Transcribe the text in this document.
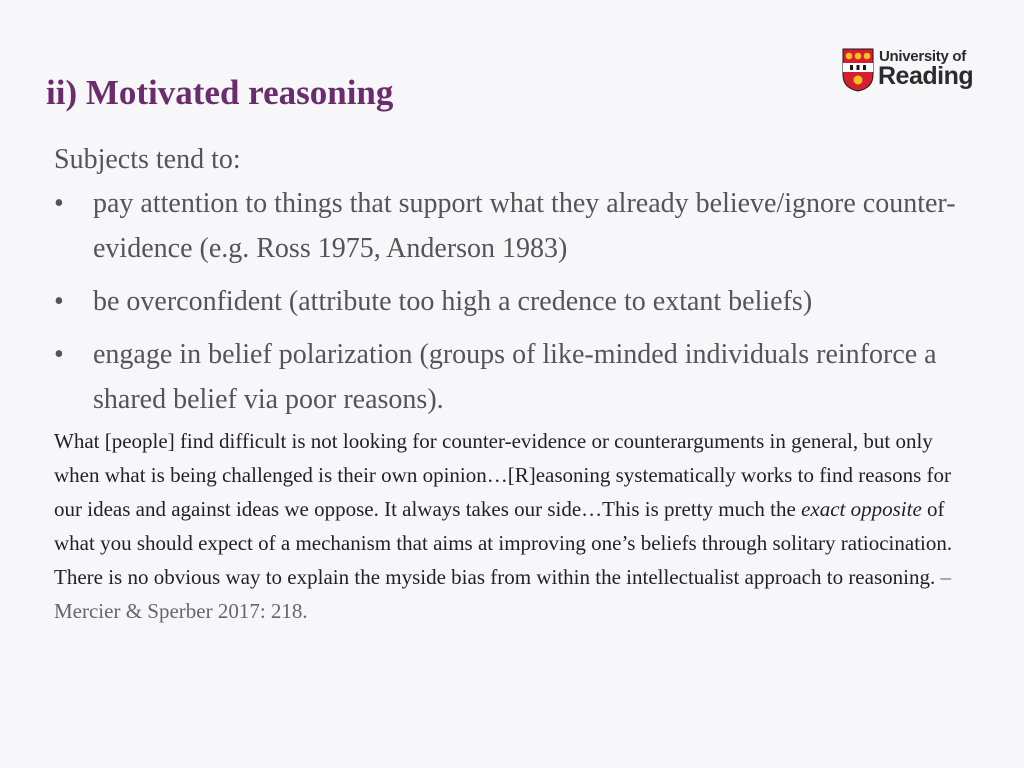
ii) Motivated reasoning
University of
Reading

Subjects tend to:

• pay attention to things that support what they already believe/ignore counter-evidence (e.g. Ross 1975, Anderson 1983)
• be overconfident (attribute too high a credence to extant beliefs)
• engage in belief polarization (groups of like-minded individuals reinforce a shared belief via poor reasons).

What [people] find difficult is not looking for counter-evidence or counterarguments in general, but only when what is being challenged is their own opinion…[R]easoning systematically works to find reasons for our ideas and against ideas we oppose. It always takes our side…This is pretty much the exact opposite of what you should expect of a mechanism that aims at improving one’s beliefs through solitary ratiocination. There is no obvious way to explain the myside bias from within the intellectualist approach to reasoning. – Mercier & Sperber 2017: 218.
